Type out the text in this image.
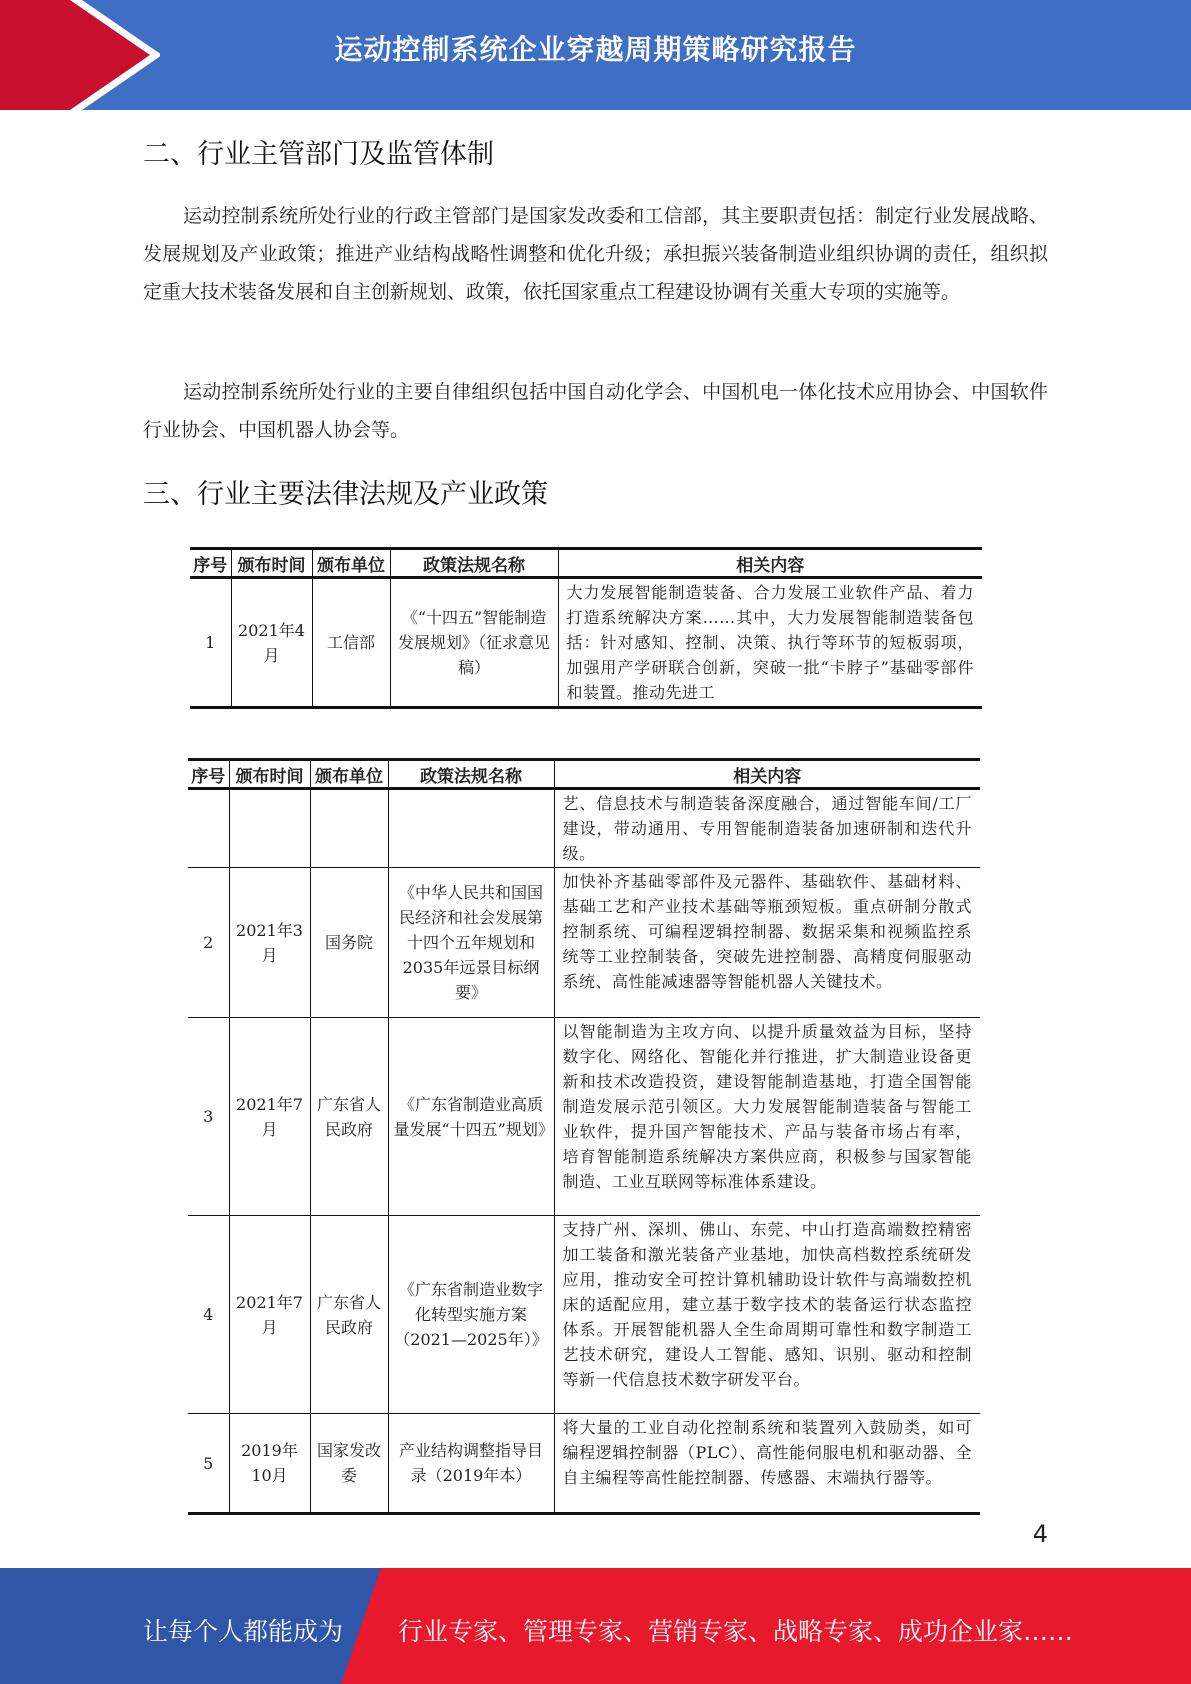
运动控制系统企业穿越周期策略研究报告
二、行业主管部门及监管体制

运动控制系统所处行业的行政主管部门是国家发改委和工信部，其主要职责包括：制定行业发展战略、发展规划及产业政策；推进产业结构战略性调整和优化升级；承担振兴装备制造业组织协调的责任，组织拟定重大技术装备发展和自主创新规划、政策，依托国家重点工程建设协调有关重大专项的实施等。

运动控制系统所处行业的主要自律组织包括中国自动化学会、中国机电一体化技术应用协会、中国软件行业协会、中国机器人协会等。

三、行业主要法律法规及产业政策
序号	颁布时间	颁布单位	政策法规名称	相关内容
1	2021年4月	工信部	《“十四五”智能制造发展规划》（征求意见稿）	大力发展智能制造装备、合力发展工业软件产品、着力打造系统解决方案……其中，大力发展智能制造装备包括：针对感知、控制、决策、执行等环节的短板弱项，加强用产学研联合创新，突破一批“卡脖子”基础零部件和装置。推动先进工
序号	颁布时间	颁布单位	政策法规名称	相关内容
				艺、信息技术与制造装备深度融合，通过智能车间/工厂建设，带动通用、专用智能制造装备加速研制和迭代升级。
2	2021年3月	国务院	《中华人民共和国国民经济和社会发展第十四个五年规划和2035年远景目标纲要》	加快补齐基础零部件及元器件、基础软件、基础材料、基础工艺和产业技术基础等瓶颈短板。重点研制分散式控制系统、可编程逻辑控制器、数据采集和视频监控系统等工业控制装备，突破先进控制器、高精度伺服驱动系统、高性能减速器等智能机器人关键技术。
3	2021年7月	广东省人民政府	《广东省制造业高质量发展“十四五”规划》	以智能制造为主攻方向、以提升质量效益为目标，坚持数字化、网络化、智能化并行推进，扩大制造业设备更新和技术改造投资，建设智能制造基地，打造全国智能制造发展示范引领区。大力发展智能制造装备与智能工业软件，提升国产智能技术、产品与装备市场占有率，培育智能制造系统解决方案供应商，积极参与国家智能制造、工业互联网等标准体系建设。
4	2021年7月	广东省人民政府	《广东省制造业数字化转型实施方案（2021—2025年）》	支持广州、深圳、佛山、东莞、中山打造高端数控精密加工装备和激光装备产业基地，加快高档数控系统研发应用，推动安全可控计算机辅助设计软件与高端数控机床的适配应用，建立基于数字技术的装备运行状态监控体系。开展智能机器人全生命周期可靠性和数字制造工艺技术研究，建设人工智能、感知、识别、驱动和控制等新一代信息技术数字研发平台。
5	2019年10月	国家发改委	产业结构调整指导目录（2019年本）	将大量的工业自动化控制系统和装置列入鼓励类，如可编程逻辑控制器（PLC）、高性能伺服电机和驱动器、全自主编程等高性能控制器、传感器、末端执行器等。
4
让每个人都能成为 行业专家、管理专家、营销专家、战略专家、成功企业家……
